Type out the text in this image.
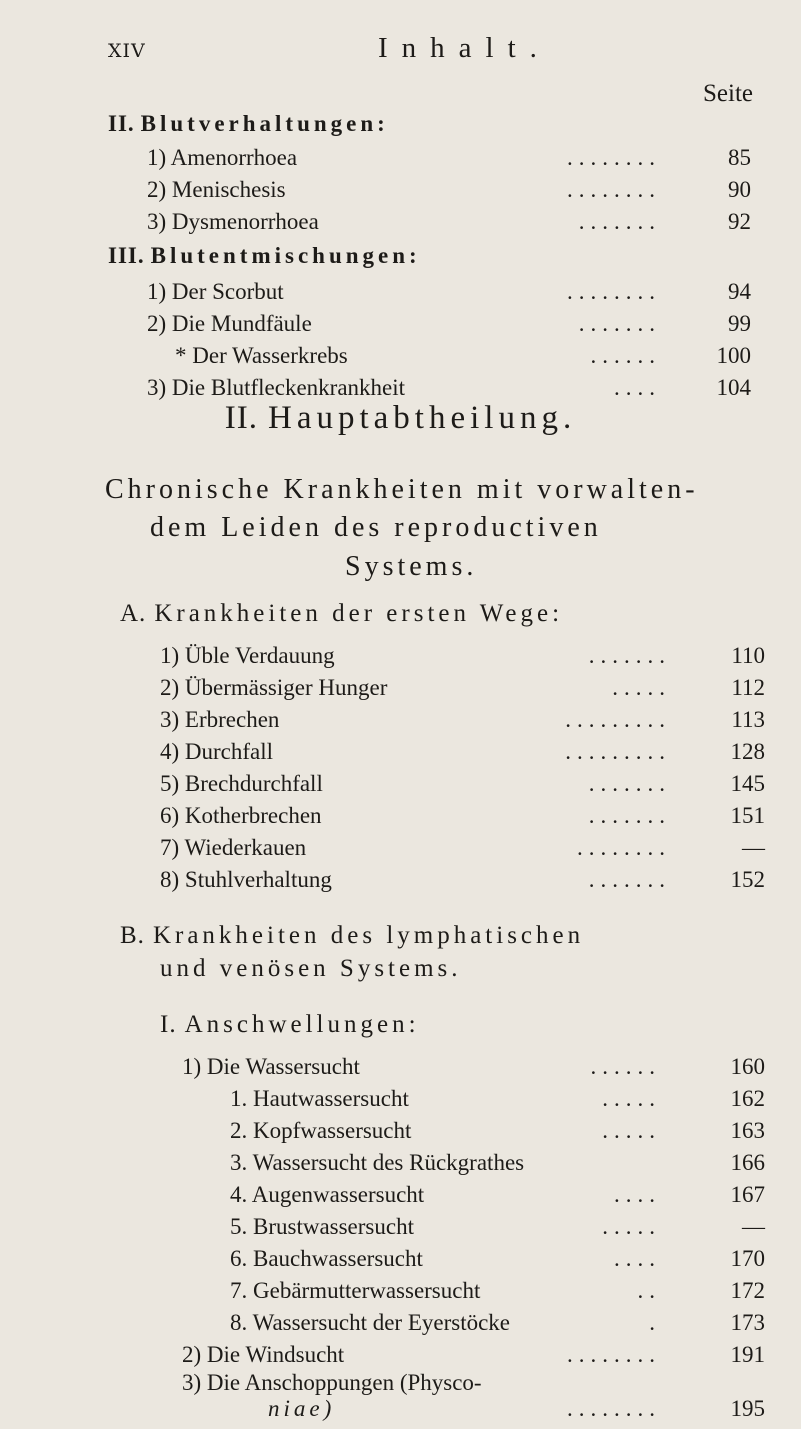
XIV	Inhalt.
Seite
II. Blutverhaltungen:
1) Amenorrhoea	........	85
2) Menischesis	........	90
3) Dysmenorrhoea	.......	92
III. Blutentmischungen:
1) Der Scorbut	........	94
2) Die Mundfäule	.......	99
* Der Wasserkrebs	......	100
3) Die Blutfleckenkrankheit	....	104
II. Hauptabtheilung.
Chronische Krankheiten mit vorwalten-
dem Leiden des reproductiven
Systems.
A. Krankheiten der ersten Wege:
1) Üble Verdauung	.......	110
2) Übermässiger Hunger	.....	112
3) Erbrechen	.........	113
4) Durchfall	.........	128
5) Brechdurchfall	.......	145
6) Kotherbrechen	.......	151
7) Wiederkauen	........	—
8) Stuhlverhaltung	.......	152
B. Krankheiten des lymphatischen
und venösen Systems.
I. Anschwellungen:
1) Die Wassersucht	......	160
1. Hautwassersucht	.....	162
2. Kopfwassersucht	.....	163
3. Wassersucht des Rückgrathes	166
4. Augenwassersucht	....	167
5. Brustwassersucht	.....	—
6. Bauchwassersucht	....	170
7. Gebärmutterwassersucht	..	172
8. Wassersucht der Eyerstöcke	.	173
2) Die Windsucht	........	191
3) Die Anschoppungen (Physco-
niae)	........	195
